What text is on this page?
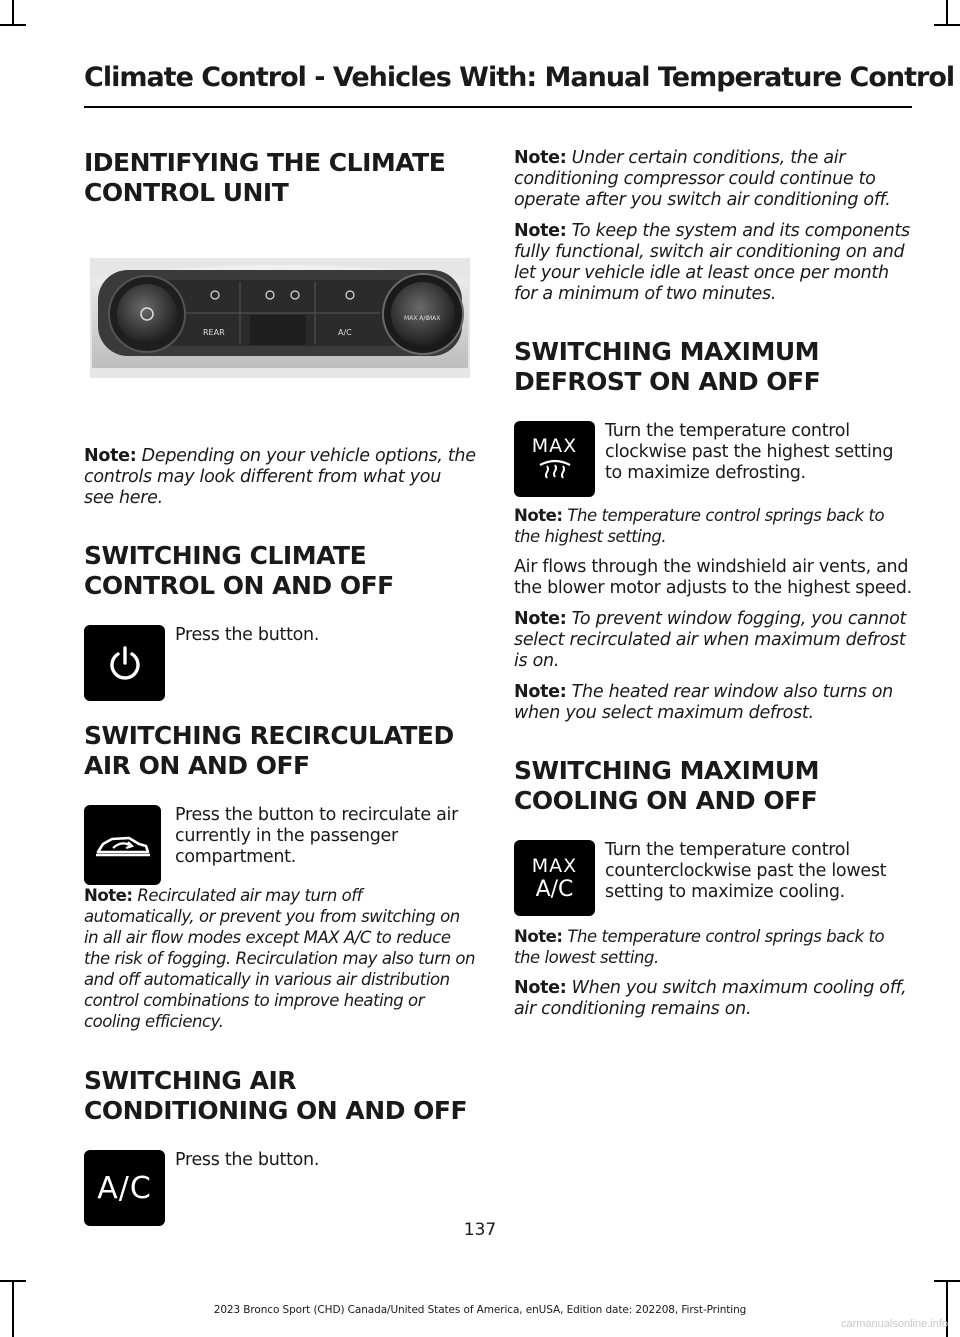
Climate Control - Vehicles With: Manual Temperature Control
IDENTIFYING THE CLIMATE
CONTROL UNIT
REAR	A/C
MAX A/C
MAX

Note: Depending on your vehicle options, the controls may look different from what you see here.

SWITCHING CLIMATE
CONTROL ON AND OFF

Press the button.

SWITCHING RECIRCULATED
AIR ON AND OFF

Press the button to recirculate air currently in the passenger compartment.

Note: Recirculated air may turn off automatically, or prevent you from switching on in all air flow modes except MAX A/C to reduce the risk of fogging. Recirculation may also turn on and off automatically in various air distribution control combinations to improve heating or cooling efficiency.

SWITCHING AIR
CONDITIONING ON AND OFF
A/C

Press the button.

Note: Under certain conditions, the air conditioning compressor could continue to operate after you switch air conditioning off.

Note: To keep the system and its components fully functional, switch air conditioning on and let your vehicle idle at least once per month for a minimum of two minutes.

SWITCHING MAXIMUM
DEFROST ON AND OFF
MAX

Turn the temperature control clockwise past the highest setting to maximize defrosting.

Note: The temperature control springs back to the highest setting.

Air flows through the windshield air vents, and the blower motor adjusts to the highest speed.

Note: To prevent window fogging, you cannot select recirculated air when maximum defrost is on.

Note: The heated rear window also turns on when you select maximum defrost.

SWITCHING MAXIMUM
COOLING ON AND OFF
MAX
A/C

Turn the temperature control counterclockwise past the lowest setting to maximize cooling.

Note: The temperature control springs back to the lowest setting.

Note: When you switch maximum cooling off, air conditioning remains on.

137
2023 Bronco Sport (CHD) Canada/United States of America, enUSA, Edition date: 202208, First-Printing
carmanualsonline.info
